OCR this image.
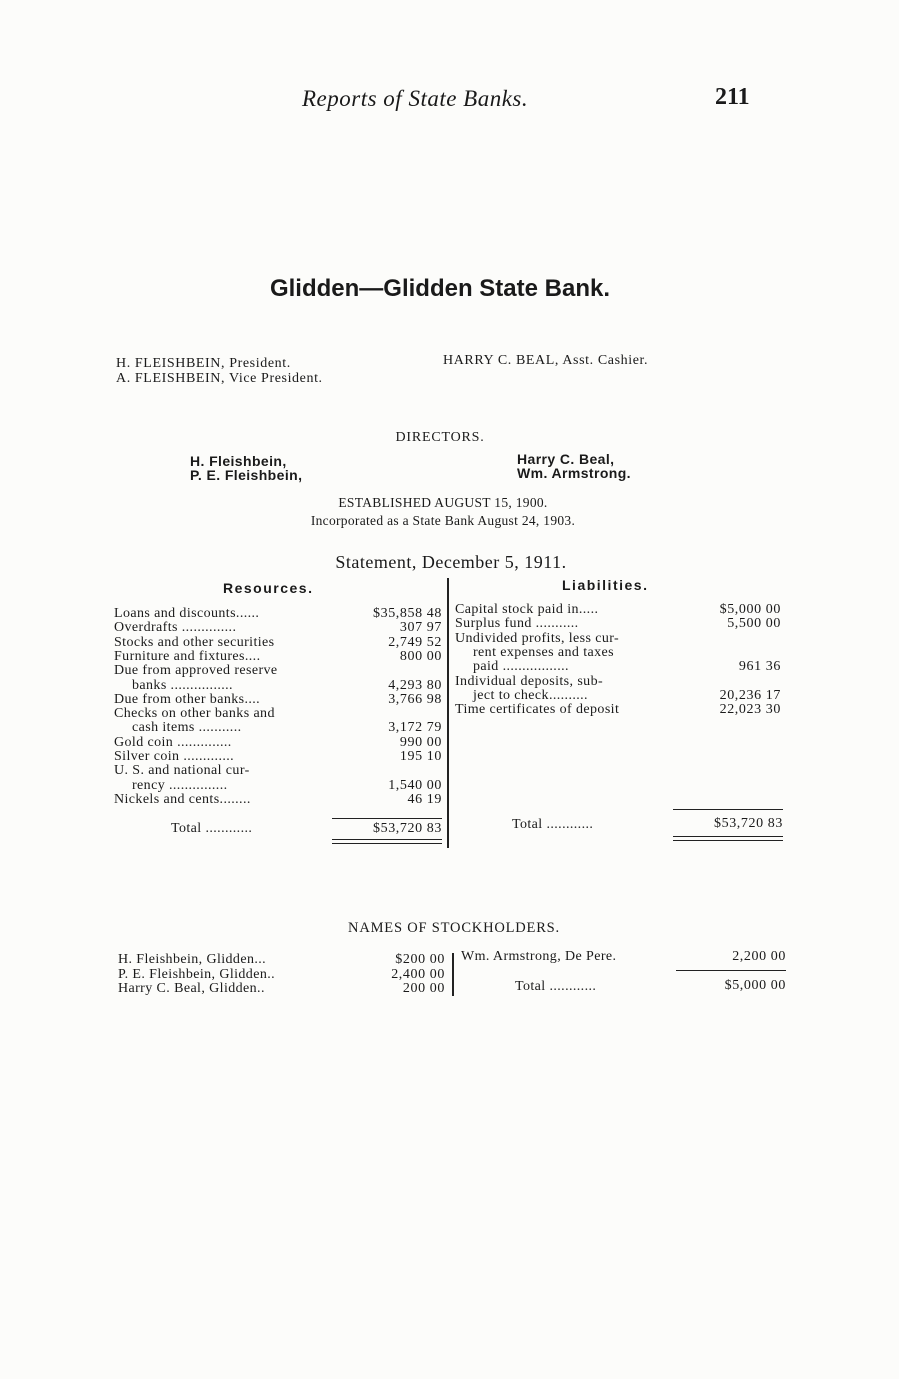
Reports of State Banks.	211
Glidden—Glidden State Bank.
H. FLEISHBEIN, President.
A. FLEISHBEIN, Vice President.
HARRY C. BEAL, Asst. Cashier.
DIRECTORS.
H. Fleishbein,
P. E. Fleishbein,
Harry C. Beal,
Wm. Armstrong.
ESTABLISHED AUGUST 15, 1900.
Incorporated as a State Bank August 24, 1903.
Statement, December 5, 1911.
Resources.	Liabilities.
Loans and discounts......	$35,858 48
Overdrafts ..............	307 97
Stocks and other securities	2,749 52
Furniture and fixtures....	800 00
Due from approved reserve
banks ................	4,293 80
Due from other banks....	3,766 98
Checks on other banks and
cash items ...........	3,172 79
Gold coin ..............	990 00
Silver coin .............	195 10
U. S. and national cur-
rency ...............	1,540 00
Nickels and cents........	46 19
Capital stock paid in.....	$5,000 00
Surplus fund ...........	5,500 00
Undivided profits, less cur-
rent expenses and taxes
paid .................	961 36
Individual deposits, sub-
ject to check..........	20,236 17
Time certificates of deposit	22,023 30
Total ............	$53,720 83	Total ............	$53,720 83
NAMES OF STOCKHOLDERS.
H. Fleishbein, Glidden...	$200 00
P. E. Fleishbein, Glidden..	2,400 00
Harry C. Beal, Glidden..	200 00
Wm. Armstrong, De Pere.	2,200 00
Total ............	$5,000 00
